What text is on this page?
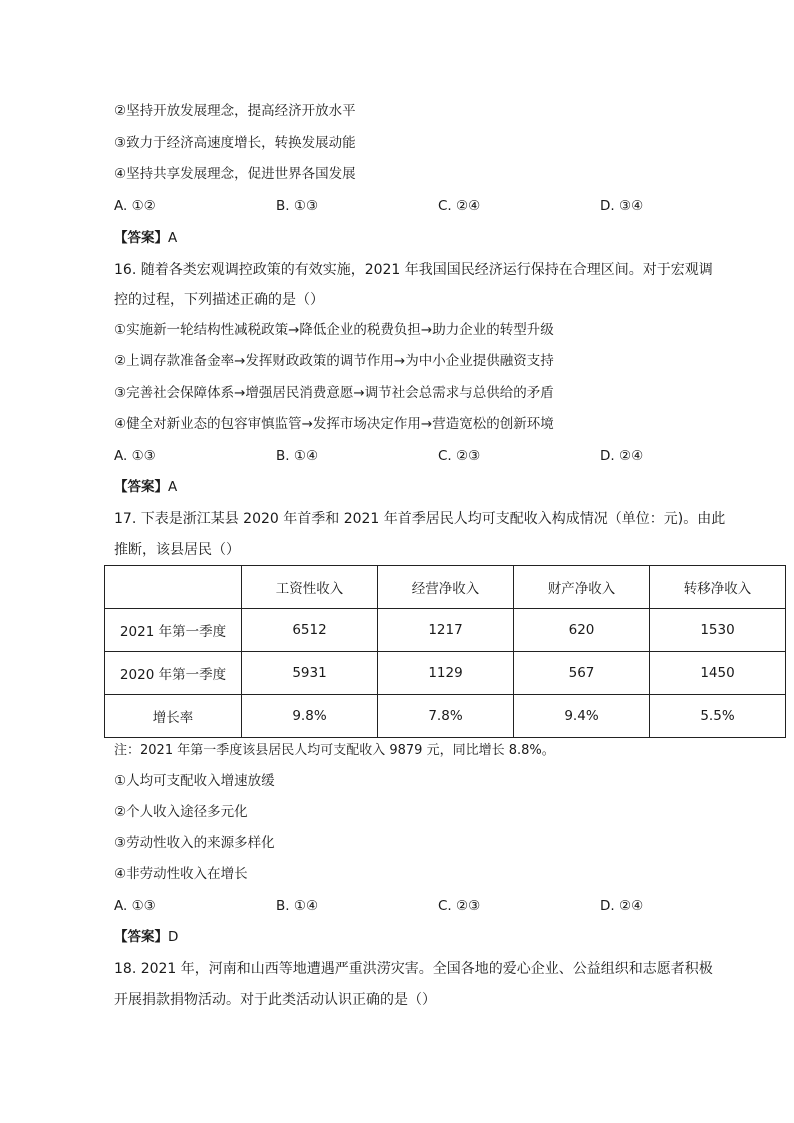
②坚持开放发展理念，提高经济开放水平
③致力于经济高速度增长，转换发展动能
④坚持共享发展理念，促进世界各国发展
A. ①②	B. ①③	C. ②④	D. ③④
【答案】A
16. 随着各类宏观调控政策的有效实施，2021 年我国国民经济运行保持在合理区间。对于宏观调
控的过程，下列描述正确的是（）
①实施新一轮结构性减税政策→降低企业的税费负担→助力企业的转型升级
②上调存款准备金率→发挥财政政策的调节作用→为中小企业提供融资支持
③完善社会保障体系→增强居民消费意愿→调节社会总需求与总供给的矛盾
④健全对新业态的包容审慎监管→发挥市场决定作用→营造宽松的创新环境
A. ①③	B. ①④	C. ②③	D. ②④
【答案】A
17. 下表是浙江某县 2020 年首季和 2021 年首季居民人均可支配收入构成情况（单位：元)。由此
推断，该县居民（）
	工资性收入	经营净收入	财产净收入	转移净收入
2021 年第一季度	6512	1217	620	1530
2020 年第一季度	5931	1129	567	1450
增长率	9.8%	7.8%	9.4%	5.5%
注：2021 年第一季度该县居民人均可支配收入 9879 元，同比增长 8.8%。
①人均可支配收入增速放缓
②个人收入途径多元化
③劳动性收入的来源多样化
④非劳动性收入在增长
A. ①③	B. ①④	C. ②③	D. ②④
【答案】D
18. 2021 年，河南和山西等地遭遇严重洪涝灾害。全国各地的爱心企业、公益组织和志愿者积极
开展捐款捐物活动。对于此类活动认识正确的是（）
